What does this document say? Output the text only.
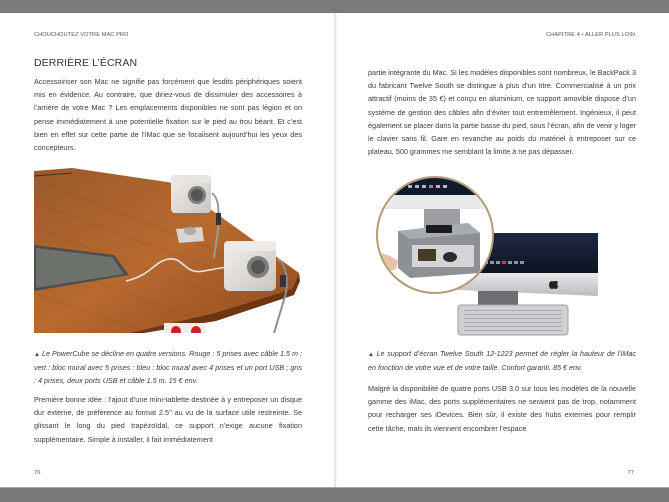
CHOUCHOUTEZ VOTRE MAC PRO
DERRIÈRE L’ÉCRAN

Accessoiriser son Mac ne signifie pas forcément que lesdits périphériques soient mis en évidence. Au contraire, que diriez-vous de dissimuler des accessoires à l’arrière de votre Mac ? Les emplacements disponibles ne sont pas légion et on pense immédiatement à une potentielle fixation sur le pied au trou béant. Et c’est bien en effet sur cette partie de l’iMac que se focalisent aujourd’hui les yeux des concepteurs.

▲ Le PowerCube se décline en quatre versions. Rouge : 5 prises avec câble 1.5 m ; vert : bloc mural avec 5 prises : bleu : bloc mural avec 4 prises et un port USB ; gris : 4 prises, deux ports USB et câble 1.5 m. 15 € env.

Première bonne idée : l’ajout d’une mini-tablette destinée à y entreposer un disque dur externe, de préférence au format 2.5’’ au vu de la surface utile restreinte. Se glissant le long du pied trapézoïdal, ce support n’exige aucune fixation supplémentaire. Simple à installer, il fait immédiatement

76
CHAPITRE 4 • ALLER PLUS LOIN

partie intégrante du Mac. Si les modèles disponibles sont nombreux, le BackPack 3 du fabricant Twelve South se distingue à plus d’un titre. Commercialisé à un prix attractif (moins de 35 €) et conçu en aluminium, ce support amovible dispose d’un système de gestion des câbles afin d’éviter tout entremêlement. Ingénieux, il peut également se placer dans la partie basse du pied, sous l’écran, afin de venir y loger le clavier sans fil. Gare en revanche au poids du matériel à entreposer sur ce plateau, 500 grammes me semblant la limite à ne pas dépasser.

▲ Le support d’écran Twelve South 12-1223 permet de régler la hauteur de l’iMac en fonction de votre vue et de votre taille. Confort garanti. 85 € env.

Malgré la disponibilité de quatre ports USB 3.0 sur tous les modèles de la nouvelle gamme des iMac, des ports supplémentaires ne seraient pas de trop, notamment pour recharger ses iDevices. Bien sûr, il existe des hubs externes pour remplir cette tâche, mais ils viennent encombrer l’espace

77
